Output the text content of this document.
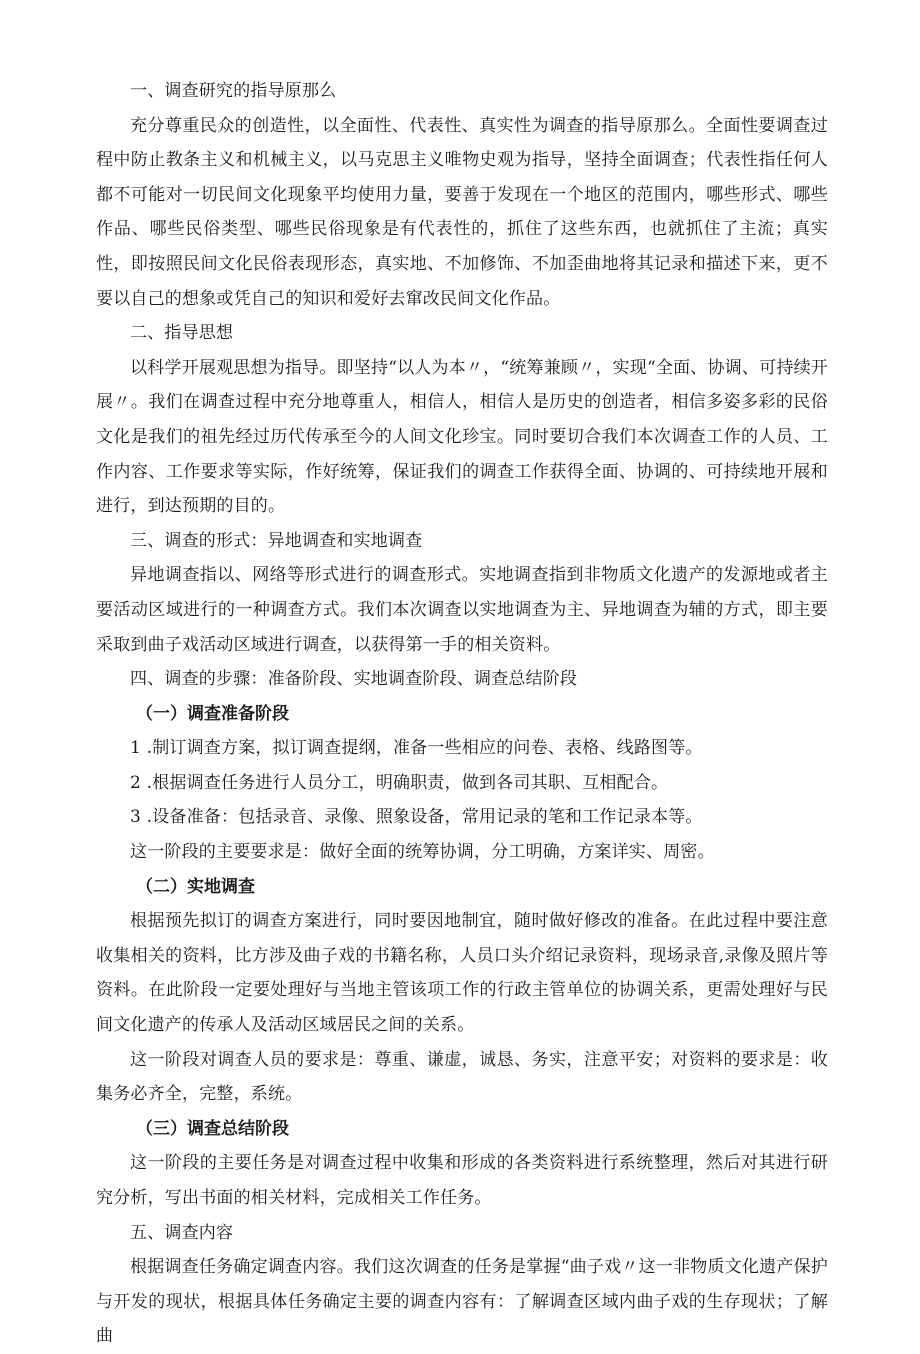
一、调查研究的指导原那么

充分尊重民众的创造性，以全面性、代表性、真实性为调查的指导原那么。全面性要调查过程中防止教条主义和机械主义，以马克思主义唯物史观为指导，坚持全面调查；代表性指任何人都不可能对一切民间文化现象平均使用力量，要善于发现在一个地区的范围内，哪些形式、哪些作品、哪些民俗类型、哪些民俗现象是有代表性的，抓住了这些东西，也就抓住了主流；真实性，即按照民间文化民俗表现形态，真实地、不加修饰、不加歪曲地将其记录和描述下来，更不要以自己的想象或凭自己的知识和爱好去窜改民间文化作品。

二、指导思想

以科学开展观思想为指导。即坚持“以人为本〃，“统筹兼顾〃，实现“全面、协调、可持续开展〃。我们在调查过程中充分地尊重人，相信人，相信人是历史的创造者，相信多姿多彩的民俗文化是我们的祖先经过历代传承至今的人间文化珍宝。同时要切合我们本次调查工作的人员、工作内容、工作要求等实际，作好统筹，保证我们的调查工作获得全面、协调的、可持续地开展和进行，到达预期的目的。

三、调查的形式：异地调查和实地调查

异地调查指以、网络等形式进行的调查形式。实地调查指到非物质文化遗产的发源地或者主要活动区域进行的一种调查方式。我们本次调查以实地调查为主、异地调查为辅的方式，即主要采取到曲子戏活动区域进行调查，以获得第一手的相关资料。

四、调查的步骤：准备阶段、实地调查阶段、调查总结阶段

（一）调查准备阶段

1 .制订调查方案，拟订调查提纲，准备一些相应的问卷、表格、线路图等。

2 .根据调查任务进行人员分工，明确职责，做到各司其职、互相配合。

3 .设备准备：包括录音、录像、照象设备，常用记录的笔和工作记录本等。

这一阶段的主要要求是：做好全面的统筹协调，分工明确，方案详实、周密。

（二）实地调查

根据预先拟订的调查方案进行，同时要因地制宜，随时做好修改的准备。在此过程中要注意收集相关的资料，比方涉及曲子戏的书籍名称，人员口头介绍记录资料，现场录音,录像及照片等资料。在此阶段一定要处理好与当地主管该项工作的行政主管单位的协调关系，更需处理好与民间文化遗产的传承人及活动区域居民之间的关系。

这一阶段对调查人员的要求是：尊重、谦虚，诚恳、务实，注意平安；对资料的要求是：收集务必齐全，完整，系统。

（三）调查总结阶段

这一阶段的主要任务是对调查过程中收集和形成的各类资料进行系统整理，然后对其进行研究分析，写出书面的相关材料，完成相关工作任务。

五、调查内容

根据调查任务确定调查内容。我们这次调查的任务是掌握“曲子戏〃这一非物质文化遗产保护与开发的现状，根据具体任务确定主要的调查内容有：了解调查区域内曲子戏的生存现状；了解曲
